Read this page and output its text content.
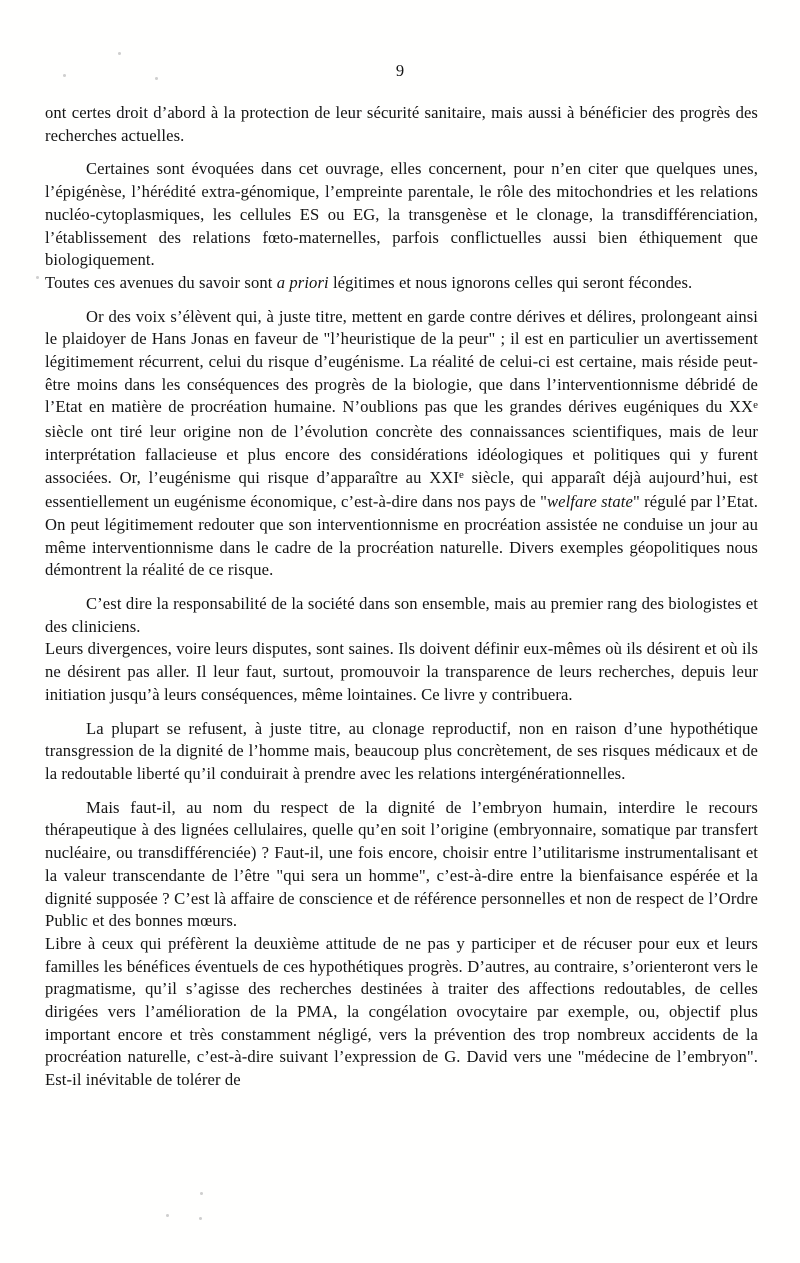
9

ont certes droit d’abord à la protection de leur sécurité sanitaire, mais aussi à bénéficier des progrès des recherches actuelles.

Certaines sont évoquées dans cet ouvrage, elles concernent, pour n’en citer que quelques unes, l’épigénèse, l’hérédité extra-génomique, l’empreinte parentale, le rôle des mitochondries et les relations nucléo-cytoplasmiques, les cellules ES ou EG, la transgenèse et le clonage, la transdifférenciation, l’établissement des relations fœto-maternelles, parfois conflictuelles aussi bien éthiquement que biologiquement.

Toutes ces avenues du savoir sont a priori légitimes et nous ignorons celles qui seront fécondes.

Or des voix s’élèvent qui, à juste titre, mettent en garde contre dérives et délires, prolongeant ainsi le plaidoyer de Hans Jonas en faveur de "l’heuristique de la peur" ; il est en particulier un avertissement légitimement récurrent, celui du risque d’eugénisme. La réalité de celui-ci est certaine, mais réside peut-être moins dans les conséquences des progrès de la biologie, que dans l’interventionnisme débridé de l’Etat en matière de procréation humaine. N’oublions pas que les grandes dérives eugéniques du XXe siècle ont tiré leur origine non de l’évolution concrète des connaissances scientifiques, mais de leur interprétation fallacieuse et plus encore des considérations idéologiques et politiques qui y furent associées. Or, l’eugénisme qui risque d’apparaître au XXIe siècle, qui apparaît déjà aujourd’hui, est essentiellement un eugénisme économique, c’est-à-dire dans nos pays de "welfare state" régulé par l’Etat. On peut légitimement redouter que son interventionnisme en procréation assistée ne conduise un jour au même interventionnisme dans le cadre de la procréation naturelle. Divers exemples géopolitiques nous démontrent la réalité de ce risque.

C’est dire la responsabilité de la société dans son ensemble, mais au premier rang des biologistes et des cliniciens.

Leurs divergences, voire leurs disputes, sont saines. Ils doivent définir eux-mêmes où ils désirent et où ils ne désirent pas aller. Il leur faut, surtout, promouvoir la transparence de leurs recherches, depuis leur initiation jusqu’à leurs conséquences, même lointaines. Ce livre y contribuera.

La plupart se refusent, à juste titre, au clonage reproductif, non en raison d’une hypothétique transgression de la dignité de l’homme mais, beaucoup plus concrètement, de ses risques médicaux et de la redoutable liberté qu’il conduirait à prendre avec les relations intergénérationnelles.

Mais faut-il, au nom du respect de la dignité de l’embryon humain, interdire le recours thérapeutique à des lignées cellulaires, quelle qu’en soit l’origine (embryonnaire, somatique par transfert nucléaire, ou transdifférenciée) ? Faut-il, une fois encore, choisir entre l’utilitarisme instrumentalisant et la valeur transcendante de l’être "qui sera un homme", c’est-à-dire entre la bienfaisance espérée et la dignité supposée ? C’est là affaire de conscience et de référence personnelles et non de respect de l’Ordre Public et des bonnes mœurs.

Libre à ceux qui préfèrent la deuxième attitude de ne pas y participer et de récuser pour eux et leurs familles les bénéfices éventuels de ces hypothétiques progrès. D’autres, au contraire, s’orienteront vers le pragmatisme, qu’il s’agisse des recherches destinées à traiter des affections redoutables, de celles dirigées vers l’amélioration de la PMA, la congélation ovocytaire par exemple, ou, objectif plus important encore et très constamment négligé, vers la prévention des trop nombreux accidents de la procréation naturelle, c’est-à-dire suivant l’expression de G. David vers une "médecine de l’embryon". Est-il inévitable de tolérer de
